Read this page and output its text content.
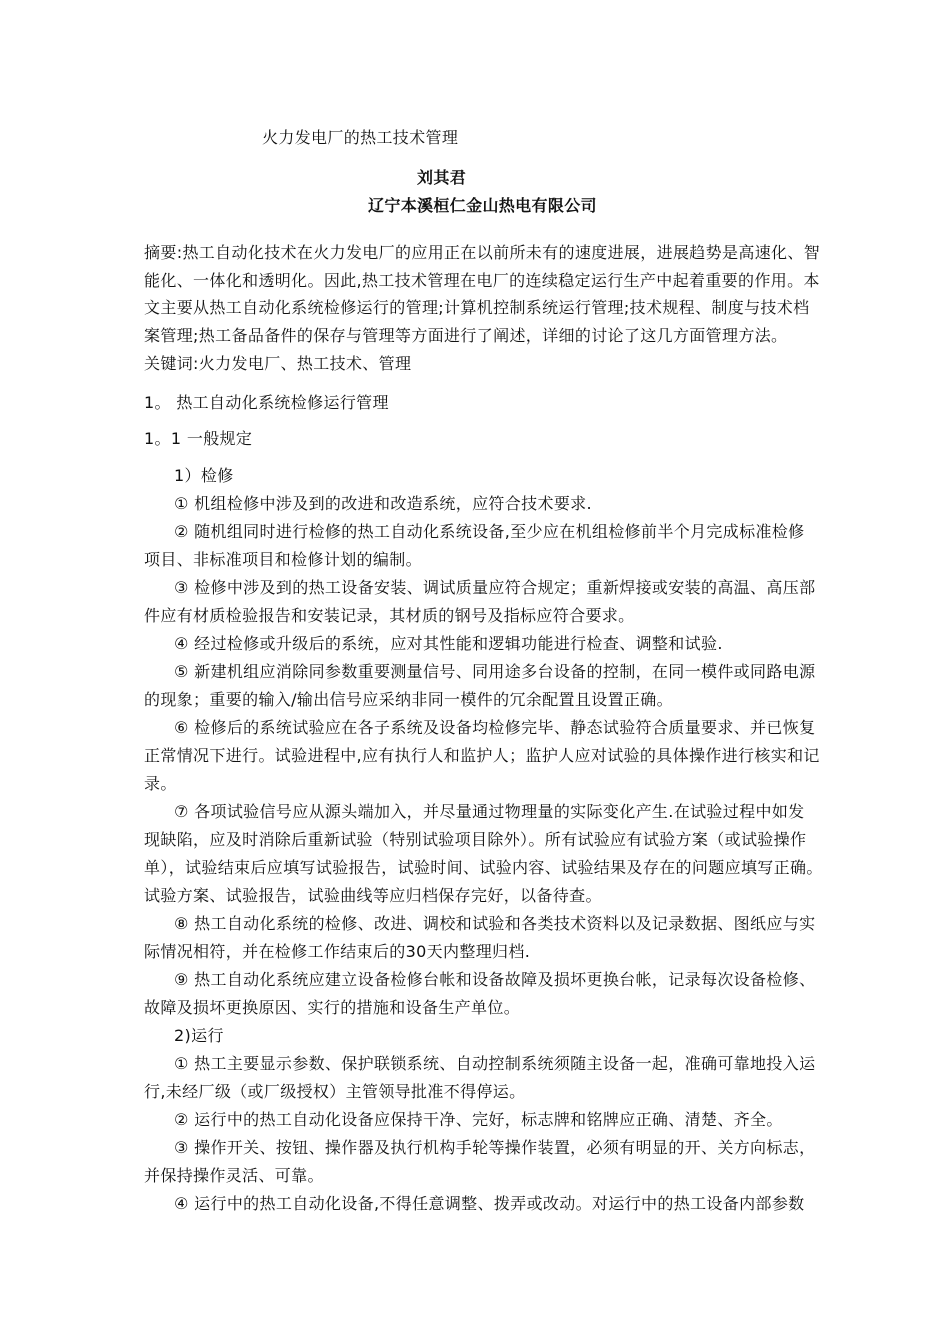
火力发电厂的热工技术管理
刘其君
辽宁本溪桓仁金山热电有限公司
摘要:热工自动化技术在火力发电厂的应用正在以前所未有的速度进展，进展趋势是高速化、智
能化、一体化和透明化。因此,热工技术管理在电厂的连续稳定运行生产中起着重要的作用。本
文主要从热工自动化系统检修运行的管理;计算机控制系统运行管理;技术规程、制度与技术档
案管理;热工备品备件的保存与管理等方面进行了阐述，详细的讨论了这几方面管理方法。
关键词:火力发电厂、热工技术、管理
1。 热工自动化系统检修运行管理
1。1 一般规定
1）检修
① 机组检修中涉及到的改进和改造系统，应符合技术要求.
② 随机组同时进行检修的热工自动化系统设备,至少应在机组检修前半个月完成标准检修
项目、非标准项目和检修计划的编制。
③ 检修中涉及到的热工设备安装、调试质量应符合规定；重新焊接或安装的高温、高压部
件应有材质检验报告和安装记录，其材质的钢号及指标应符合要求。
④ 经过检修或升级后的系统，应对其性能和逻辑功能进行检查、调整和试验.
⑤ 新建机组应消除同参数重要测量信号、同用途多台设备的控制，在同一模件或同路电源
的现象；重要的输入/输出信号应采纳非同一模件的冗余配置且设置正确。
⑥ 检修后的系统试验应在各子系统及设备均检修完毕、静态试验符合质量要求、并已恢复
正常情况下进行。试验进程中,应有执行人和监护人；监护人应对试验的具体操作进行核实和记
录。
⑦ 各项试验信号应从源头端加入，并尽量通过物理量的实际变化产生.在试验过程中如发
现缺陷，应及时消除后重新试验（特别试验项目除外）。所有试验应有试验方案（或试验操作
单），试验结束后应填写试验报告，试验时间、试验内容、试验结果及存在的问题应填写正确。
试验方案、试验报告，试验曲线等应归档保存完好，以备待查。
⑧ 热工自动化系统的检修、改进、调校和试验和各类技术资料以及记录数据、图纸应与实
际情况相符，并在检修工作结束后的30天内整理归档.
⑨ 热工自动化系统应建立设备检修台帐和设备故障及损坏更换台帐，记录每次设备检修、
故障及损坏更换原因、实行的措施和设备生产单位。
2)运行
① 热工主要显示参数、保护联锁系统、自动控制系统须随主设备一起，准确可靠地投入运
行,未经厂级（或厂级授权）主管领导批准不得停运。
② 运行中的热工自动化设备应保持干净、完好，标志牌和铭牌应正确、清楚、齐全。
③ 操作开关、按钮、操作器及执行机构手轮等操作装置，必须有明显的开、关方向标志，
并保持操作灵活、可靠。
④ 运行中的热工自动化设备,不得任意调整、拨弄或改动。对运行中的热工设备内部参数
